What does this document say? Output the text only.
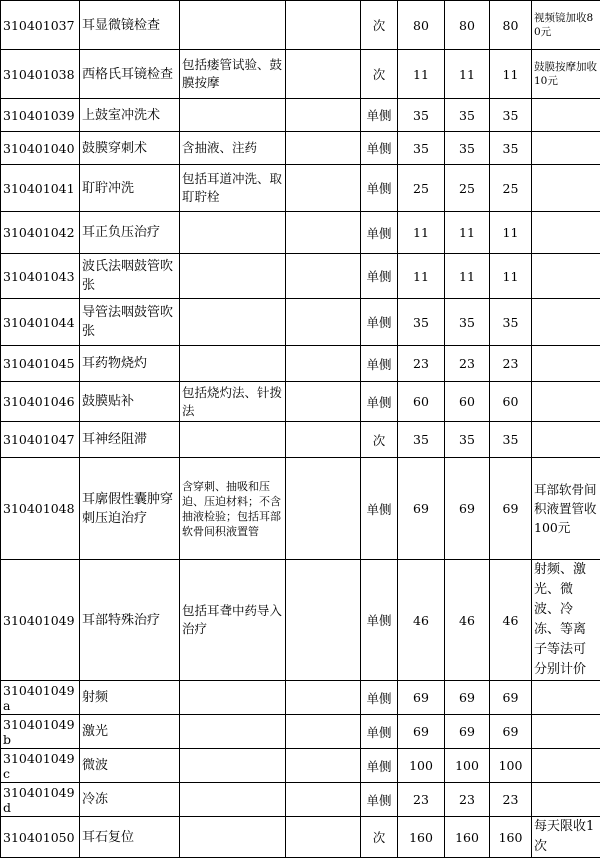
310401037	耳显微镜检查			次	80	80	80	视频镜加收80元

310401038	西格氏耳镜检查	包括瘘管试验、鼓膜按摩		次	11	11	11	鼓膜按摩加收10元

310401039	上鼓室冲洗术			单侧	35	35	35	

310401040	鼓膜穿刺术	含抽液、注药		单侧	35	35	35	

310401041	耵聍冲洗	包括耳道冲洗、取耵聍栓		单侧	25	25	25	

310401042	耳正负压治疗			单侧	11	11	11	

310401043	波氏法咽鼓管吹张			单侧	11	11	11	

310401044	导管法咽鼓管吹张			单侧	35	35	35	

310401045	耳药物烧灼			单侧	23	23	23	

310401046	鼓膜贴补	包括烧灼法、针拨法		单侧	60	60	60	

310401047	耳神经阻滞			次	35	35	35	

310401048	耳廓假性囊肿穿刺压迫治疗	含穿刺、抽吸和压迫、压迫材料；不含抽液检验；包括耳部软骨间积液置管		单侧	69	69	69	耳部软骨间积液置管收100元

310401049	耳部特殊治疗	包括耳聋中药导入治疗		单侧	46	46	46	射频、激光、微波、冷冻、等离子等法可分别计价

310401049a	射频			单侧	69	69	69	

310401049b	激光			单侧	69	69	69	

310401049c	微波			单侧	100	100	100	

310401049d	冷冻			单侧	23	23	23	

310401050	耳石复位			次	160	160	160	每天限收1次
